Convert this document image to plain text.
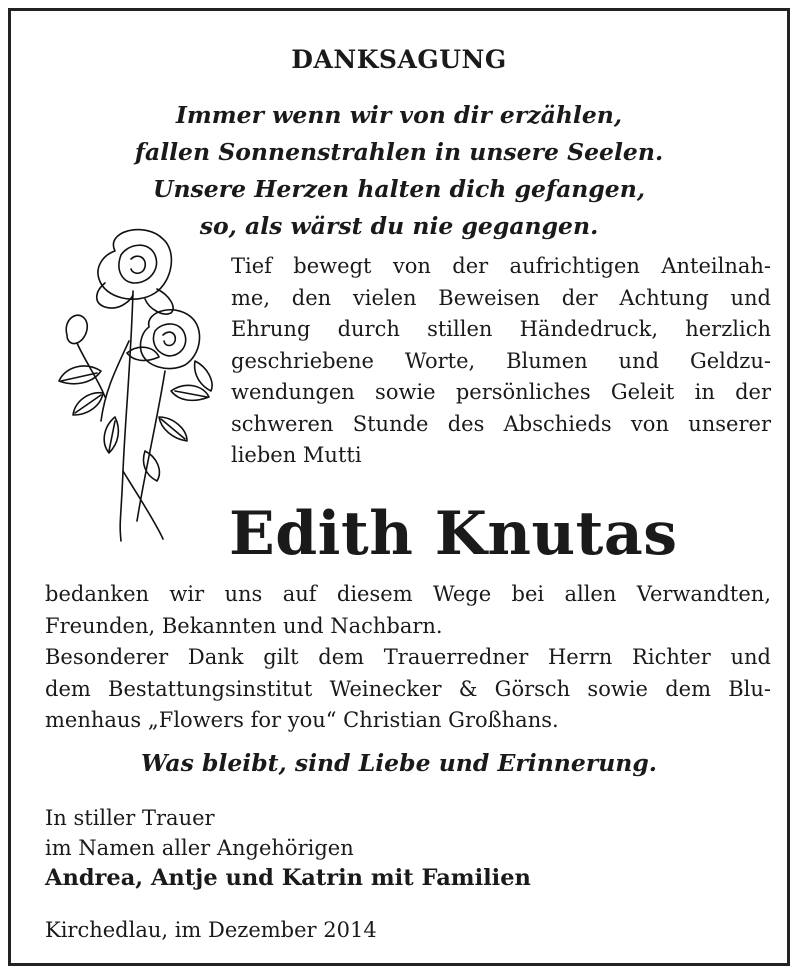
DANKSAGUNG
Immer wenn wir von dir erzählen,
fallen Sonnenstrahlen in unsere Seelen.
Unsere Herzen halten dich gefangen,
so, als wärst du nie gegangen.
Tief bewegt von der aufrichtigen Anteilnah-
me, den vielen Beweisen der Achtung und
Ehrung durch stillen Händedruck, herzlich
geschriebene Worte, Blumen und Geldzu-
wendungen sowie persönliches Geleit in der
schweren Stunde des Abschieds von unserer
lieben Mutti
Edith Knutas
bedanken wir uns auf diesem Wege bei allen Verwandten,
Freunden, Bekannten und Nachbarn.
Besonderer Dank gilt dem Trauerredner Herrn Richter und
dem Bestattungsinstitut Weinecker & Görsch sowie dem Blu-
menhaus „Flowers for you“ Christian Großhans.
Was bleibt, sind Liebe und Erinnerung.
In stiller Trauer
im Namen aller Angehörigen
Andrea, Antje und Katrin mit Familien
Kirchedlau, im Dezember 2014
